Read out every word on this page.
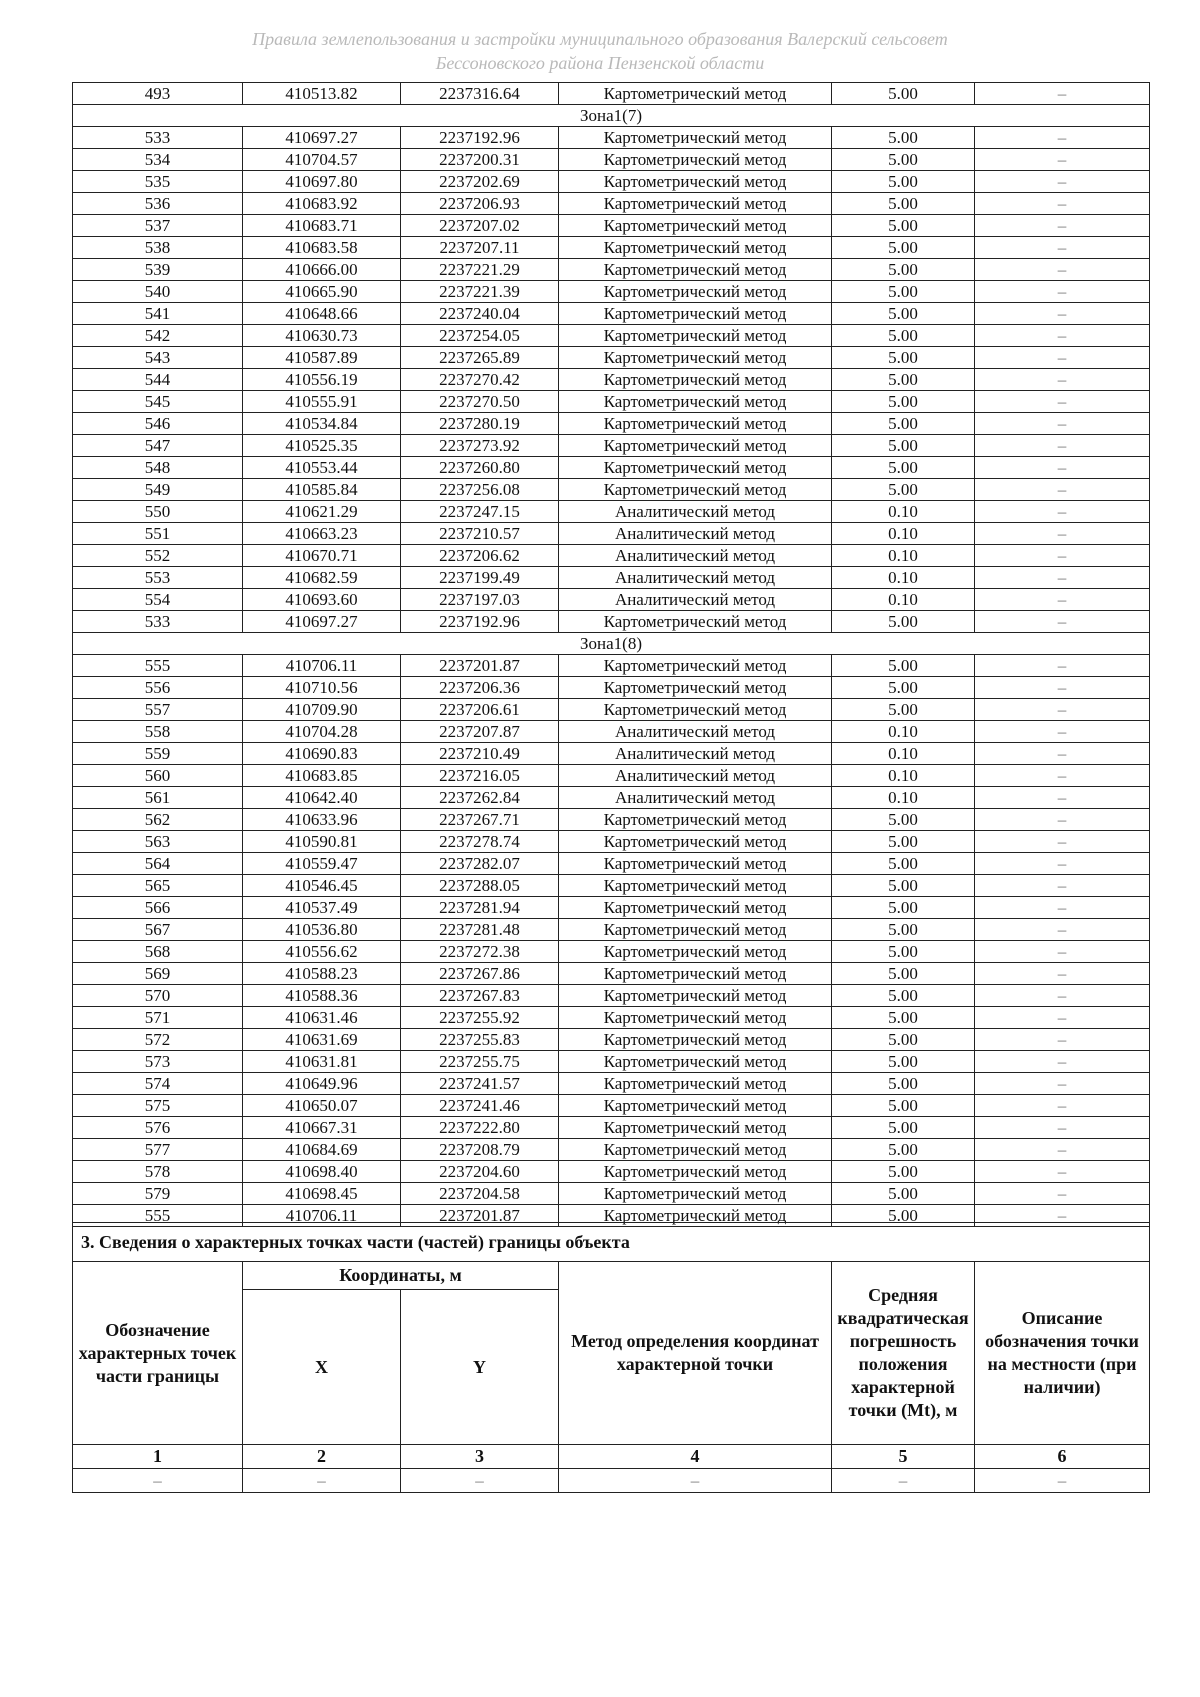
Правила землепользования и застройки муниципального образования Валерский сельсовет
Бессоновского района Пензенской области
493	410513.82	2237316.64	Картометрический метод	5.00	–
Зона1(7)					
533	410697.27	2237192.96	Картометрический метод	5.00	–
534	410704.57	2237200.31	Картометрический метод	5.00	–
535	410697.80	2237202.69	Картометрический метод	5.00	–
536	410683.92	2237206.93	Картометрический метод	5.00	–
537	410683.71	2237207.02	Картометрический метод	5.00	–
538	410683.58	2237207.11	Картометрический метод	5.00	–
539	410666.00	2237221.29	Картометрический метод	5.00	–
540	410665.90	2237221.39	Картометрический метод	5.00	–
541	410648.66	2237240.04	Картометрический метод	5.00	–
542	410630.73	2237254.05	Картометрический метод	5.00	–
543	410587.89	2237265.89	Картометрический метод	5.00	–
544	410556.19	2237270.42	Картометрический метод	5.00	–
545	410555.91	2237270.50	Картометрический метод	5.00	–
546	410534.84	2237280.19	Картометрический метод	5.00	–
547	410525.35	2237273.92	Картометрический метод	5.00	–
548	410553.44	2237260.80	Картометрический метод	5.00	–
549	410585.84	2237256.08	Картометрический метод	5.00	–
550	410621.29	2237247.15	Аналитический метод	0.10	–
551	410663.23	2237210.57	Аналитический метод	0.10	–
552	410670.71	2237206.62	Аналитический метод	0.10	–
553	410682.59	2237199.49	Аналитический метод	0.10	–
554	410693.60	2237197.03	Аналитический метод	0.10	–
533	410697.27	2237192.96	Картометрический метод	5.00	–
Зона1(8)					
555	410706.11	2237201.87	Картометрический метод	5.00	–
556	410710.56	2237206.36	Картометрический метод	5.00	–
557	410709.90	2237206.61	Картометрический метод	5.00	–
558	410704.28	2237207.87	Аналитический метод	0.10	–
559	410690.83	2237210.49	Аналитический метод	0.10	–
560	410683.85	2237216.05	Аналитический метод	0.10	–
561	410642.40	2237262.84	Аналитический метод	0.10	–
562	410633.96	2237267.71	Картометрический метод	5.00	–
563	410590.81	2237278.74	Картометрический метод	5.00	–
564	410559.47	2237282.07	Картометрический метод	5.00	–
565	410546.45	2237288.05	Картометрический метод	5.00	–
566	410537.49	2237281.94	Картометрический метод	5.00	–
567	410536.80	2237281.48	Картометрический метод	5.00	–
568	410556.62	2237272.38	Картометрический метод	5.00	–
569	410588.23	2237267.86	Картометрический метод	5.00	–
570	410588.36	2237267.83	Картометрический метод	5.00	–
571	410631.46	2237255.92	Картометрический метод	5.00	–
572	410631.69	2237255.83	Картометрический метод	5.00	–
573	410631.81	2237255.75	Картометрический метод	5.00	–
574	410649.96	2237241.57	Картометрический метод	5.00	–
575	410650.07	2237241.46	Картометрический метод	5.00	–
576	410667.31	2237222.80	Картометрический метод	5.00	–
577	410684.69	2237208.79	Картометрический метод	5.00	–
578	410698.40	2237204.60	Картометрический метод	5.00	–
579	410698.45	2237204.58	Картометрический метод	5.00	–
555	410706.11	2237201.87	Картометрический метод	5.00	–
3. Сведения о характерных точках части (частей) границы объекта					
Обозначение характерных точек части границы	Координаты, м		Метод определения координат характерной точки	Средняя квадратическая погрешность положения характерной точки (Mt), м	Описание обозначения точки на местности (при наличии)
	X	Y			
1	2	3	4	5	6
–	–	–	–	–	–
